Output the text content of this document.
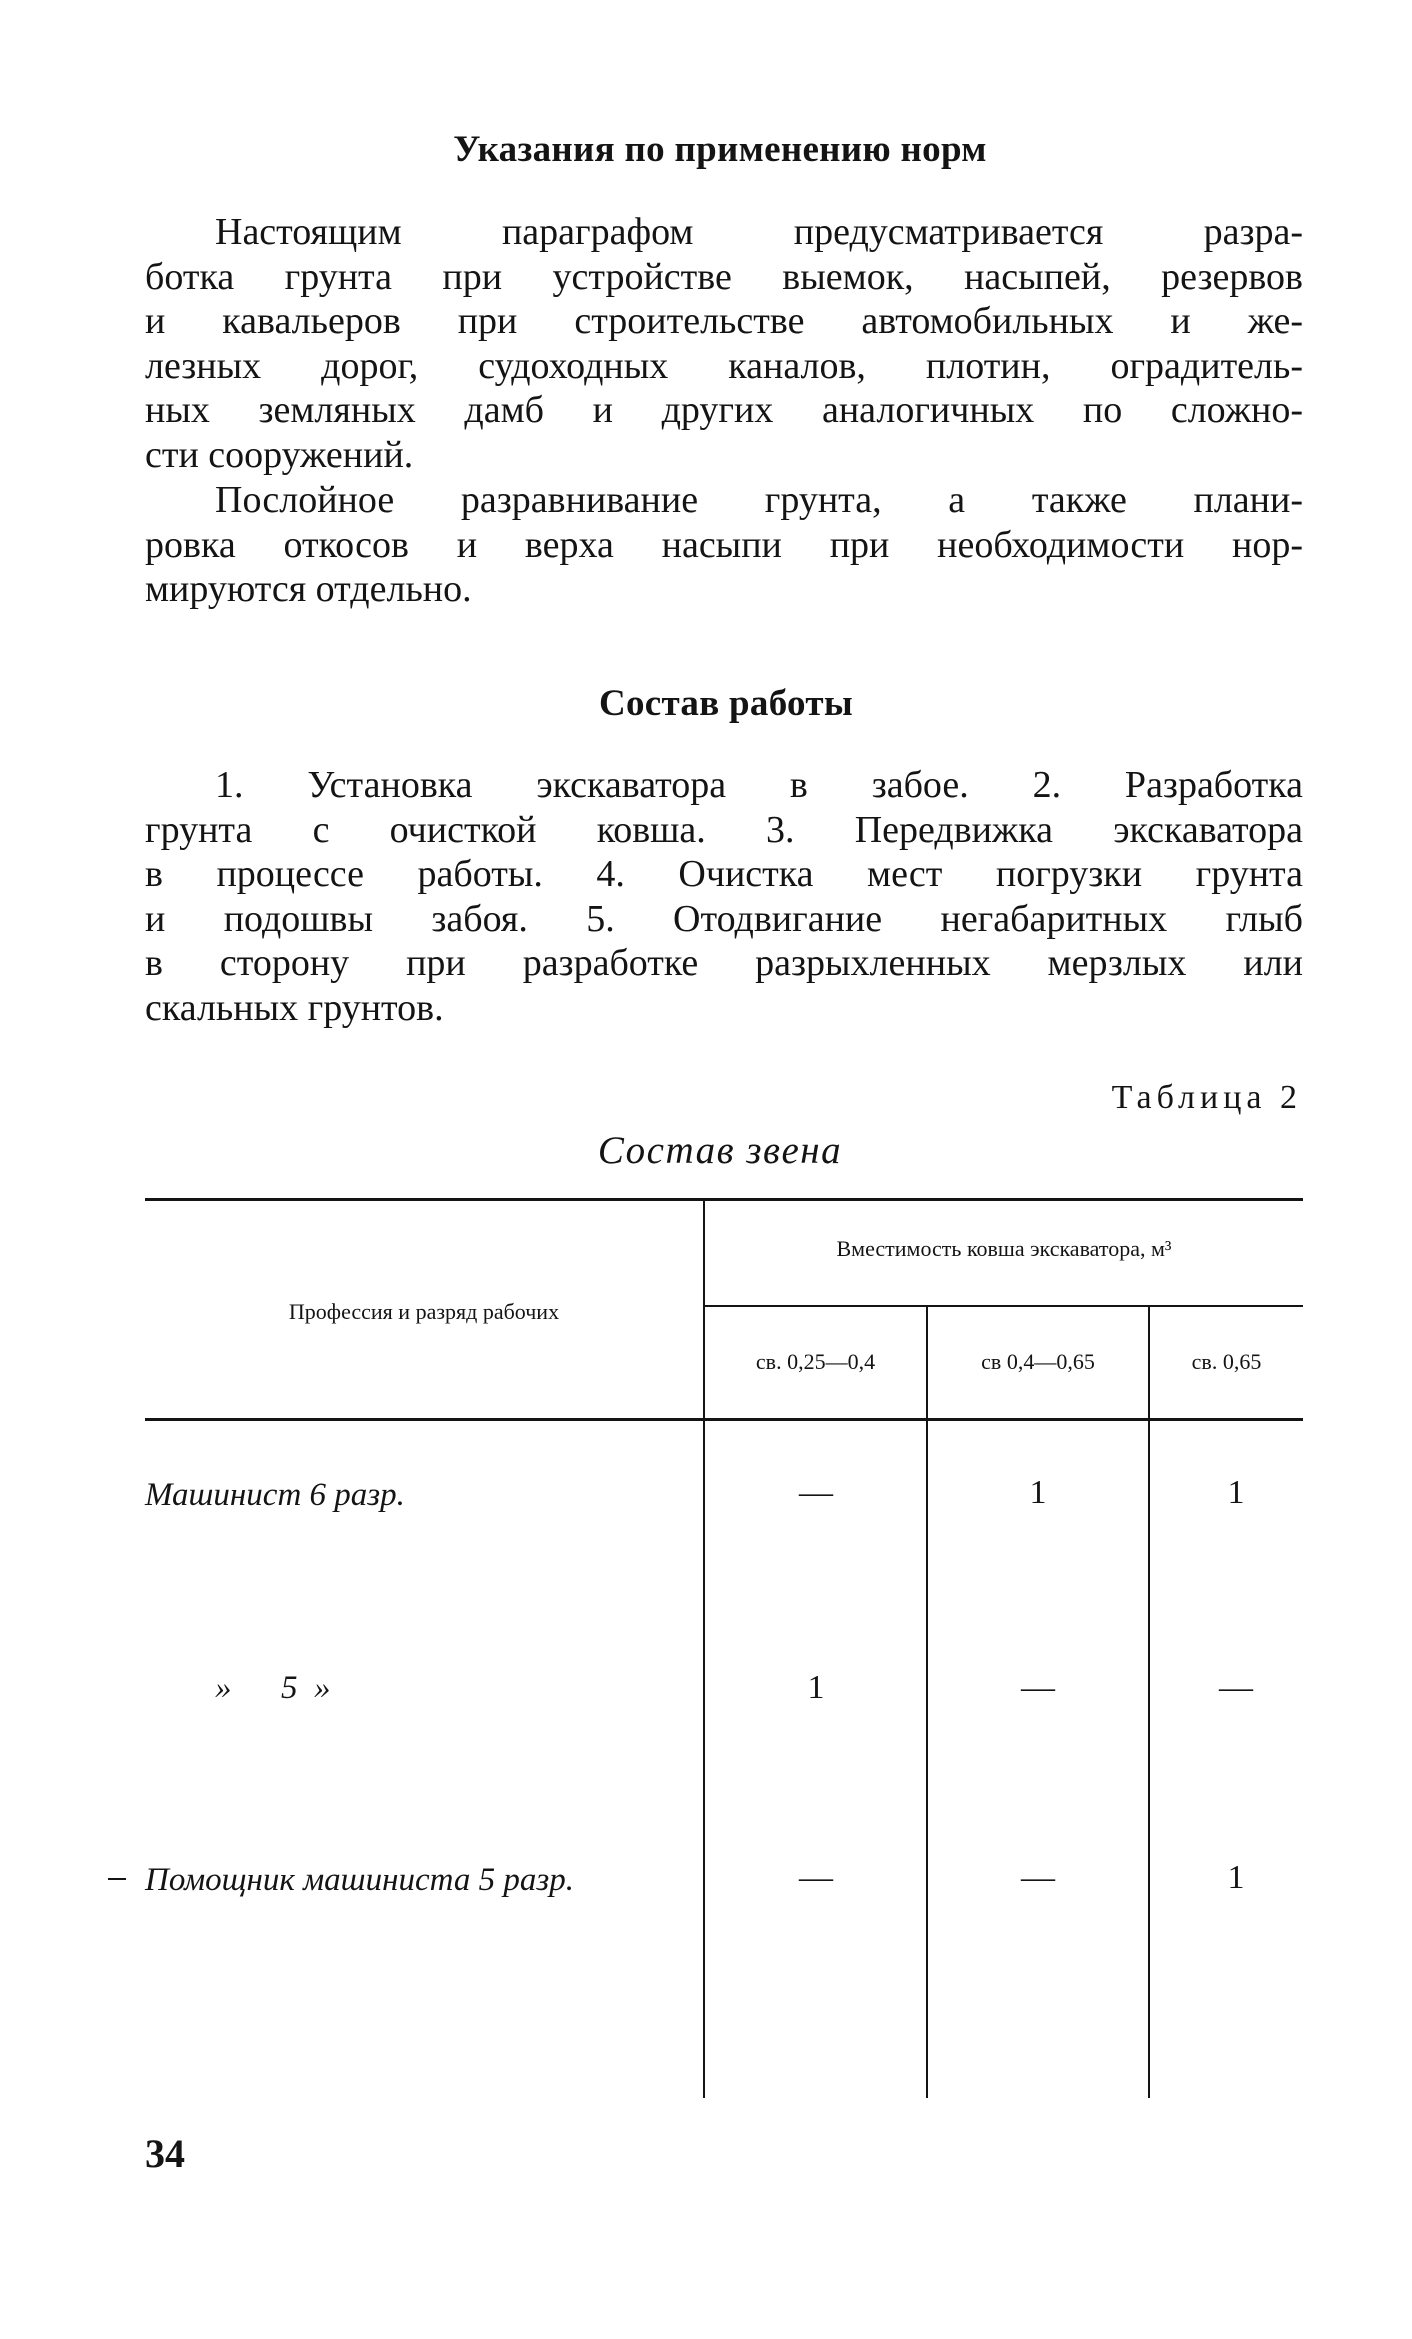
Указания по применению норм
Настоящим параграфом предусматривается разра-
ботка грунта при устройстве выемок, насыпей, резервов
и кавальеров при строительстве автомобильных и же-
лезных дорог, судоходных каналов, плотин, оградитель-
ных земляных дамб и других аналогичных по сложно-
сти сооружений.
Послойное разравнивание грунта, а также плани-
ровка откосов и верха насыпи при необходимости нор-
мируются отдельно.
Состав работы
1. Установка экскаватора в забое. 2. Разработка
грунта с очисткой ковша. 3. Передвижка экскаватора
в процессе работы. 4. Очистка мест погрузки грунта
и подошвы забоя. 5. Отодвигание негабаритных глыб
в сторону при разработке разрыхленных мерзлых или
скальных грунтов.
Таблица 2
Состав звена
Профессия и разряд рабочих
Вместимость ковша экскаватора, м³
св. 0,25—0,4	св 0,4—0,65	св. 0,65
Машинист 6 разр.	—	1	1
»      5  »	1	—	—
Помощник машиниста 5 разр.	—	—	1
34
